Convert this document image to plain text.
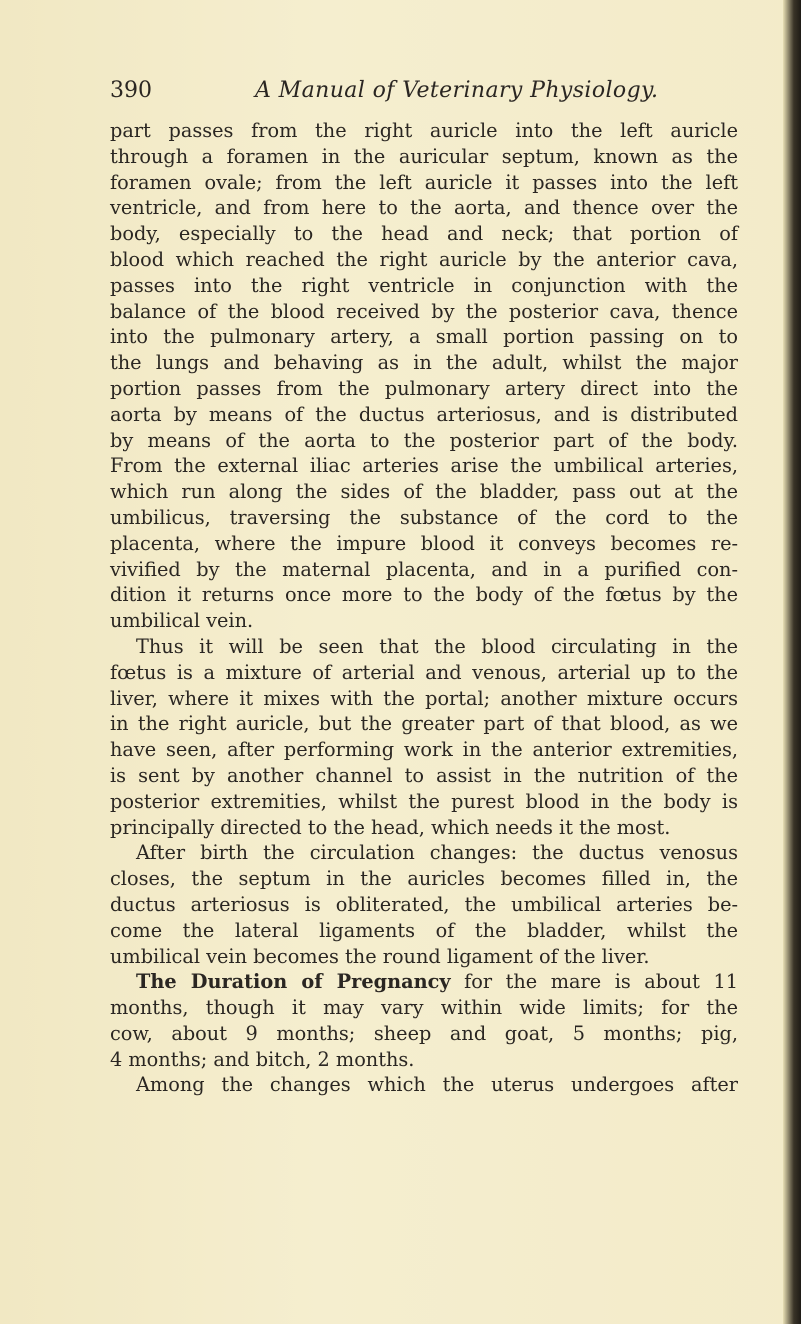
390	A Manual of Veterinary Physiology.

part passes from the right auricle into the left auricle

through a foramen in the auricular septum, known as the

foramen ovale; from the left auricle it passes into the left

ventricle, and from here to the aorta, and thence over the

body, especially to the head and neck; that portion of

blood which reached the right auricle by the anterior cava,

passes into the right ventricle in conjunction with the

balance of the blood received by the posterior cava, thence

into the pulmonary artery, a small portion passing on to

the lungs and behaving as in the adult, whilst the major

portion passes from the pulmonary artery direct into the

aorta by means of the ductus arteriosus, and is distributed

by means of the aorta to the posterior part of the body.

From the external iliac arteries arise the umbilical arteries,

which run along the sides of the bladder, pass out at the

umbilicus, traversing the substance of the cord to the

placenta, where the impure blood it conveys becomes re-

vivified by the maternal placenta, and in a purified con-

dition it returns once more to the body of the fœtus by the

umbilical vein.

Thus it will be seen that the blood circulating in the

fœtus is a mixture of arterial and venous, arterial up to the

liver, where it mixes with the portal; another mixture occurs

in the right auricle, but the greater part of that blood, as we

have seen, after performing work in the anterior extremities,

is sent by another channel to assist in the nutrition of the

posterior extremities, whilst the purest blood in the body is

principally directed to the head, which needs it the most.

After birth the circulation changes: the ductus venosus

closes, the septum in the auricles becomes filled in, the

ductus arteriosus is obliterated, the umbilical arteries be-

come the lateral ligaments of the bladder, whilst the

umbilical vein becomes the round ligament of the liver.

The Duration of Pregnancy for the mare is about 11

months, though it may vary within wide limits; for the

cow, about 9 months; sheep and goat, 5 months; pig,

4 months; and bitch, 2 months.

Among the changes which the uterus undergoes after
